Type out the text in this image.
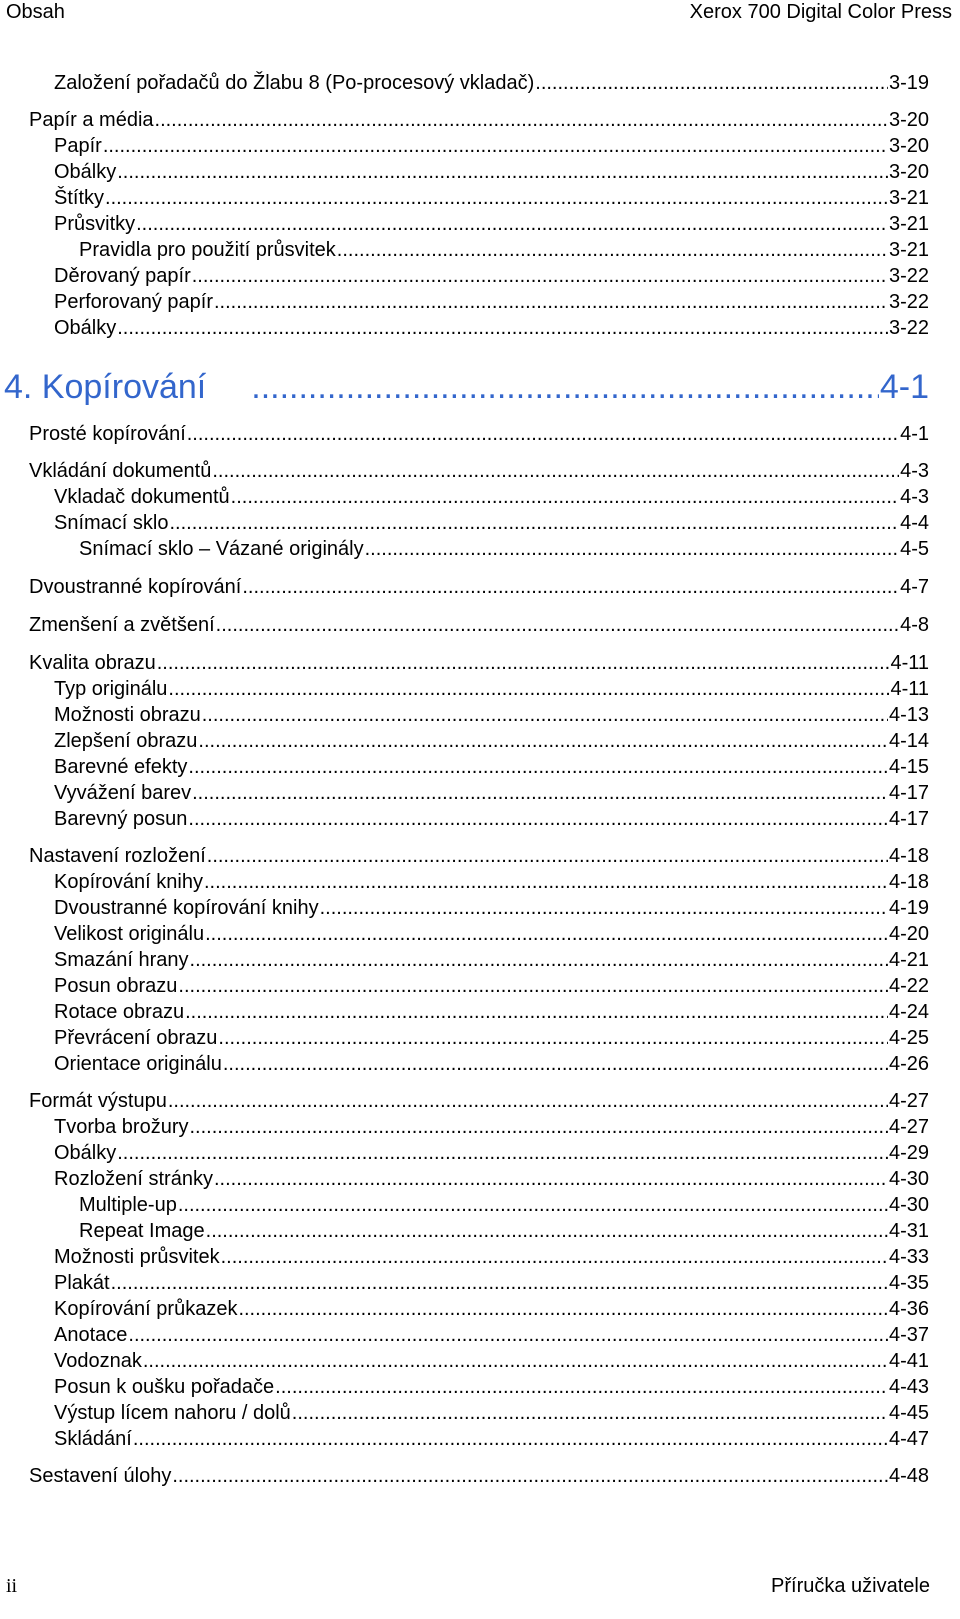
Obsah	Xerox 700 Digital Color Press
Založení pořadačů do Žlabu 8 (Po-procesový vkladač) .....	3-19
Papír a média .....	3-20
Papír .....	3-20
Obálky .....	3-20
Štítky .....	3-21
Průsvitky .....	3-21
Pravidla pro použití průsvitek .....	3-21
Děrovaný papír .....	3-22
Perforovaný papír .....	3-22
Obálky .....	3-22
4. Kopírování .....	4-1
Prosté kopírování .....	4-1
Vkládání dokumentů .....	4-3
Vkladač dokumentů .....	4-3
Snímací sklo .....	4-4
Snímací sklo – Vázané originály .....	4-5
Dvoustranné kopírování .....	4-7
Zmenšení a zvětšení .....	4-8
Kvalita obrazu .....	4-11
Typ originálu .....	4-11
Možnosti obrazu .....	4-13
Zlepšení obrazu .....	4-14
Barevné efekty .....	4-15
Vyvážení barev .....	4-17
Barevný posun .....	4-17
Nastavení rozložení .....	4-18
Kopírování knihy .....	4-18
Dvoustranné kopírování knihy .....	4-19
Velikost originálu .....	4-20
Smazání hrany .....	4-21
Posun obrazu .....	4-22
Rotace obrazu .....	4-24
Převrácení obrazu .....	4-25
Orientace originálu .....	4-26
Formát výstupu .....	4-27
Tvorba brožury .....	4-27
Obálky .....	4-29
Rozložení stránky .....	4-30
Multiple-up .....	4-30
Repeat Image .....	4-31
Možnosti průsvitek .....	4-33
Plakát .....	4-35
Kopírování průkazek .....	4-36
Anotace .....	4-37
Vodoznak .....	4-41
Posun k oušku pořadače .....	4-43
Výstup lícem nahoru / dolů .....	4-45
Skládání .....	4-47
Sestavení úlohy .....	4-48
ii	Příručka uživatele
